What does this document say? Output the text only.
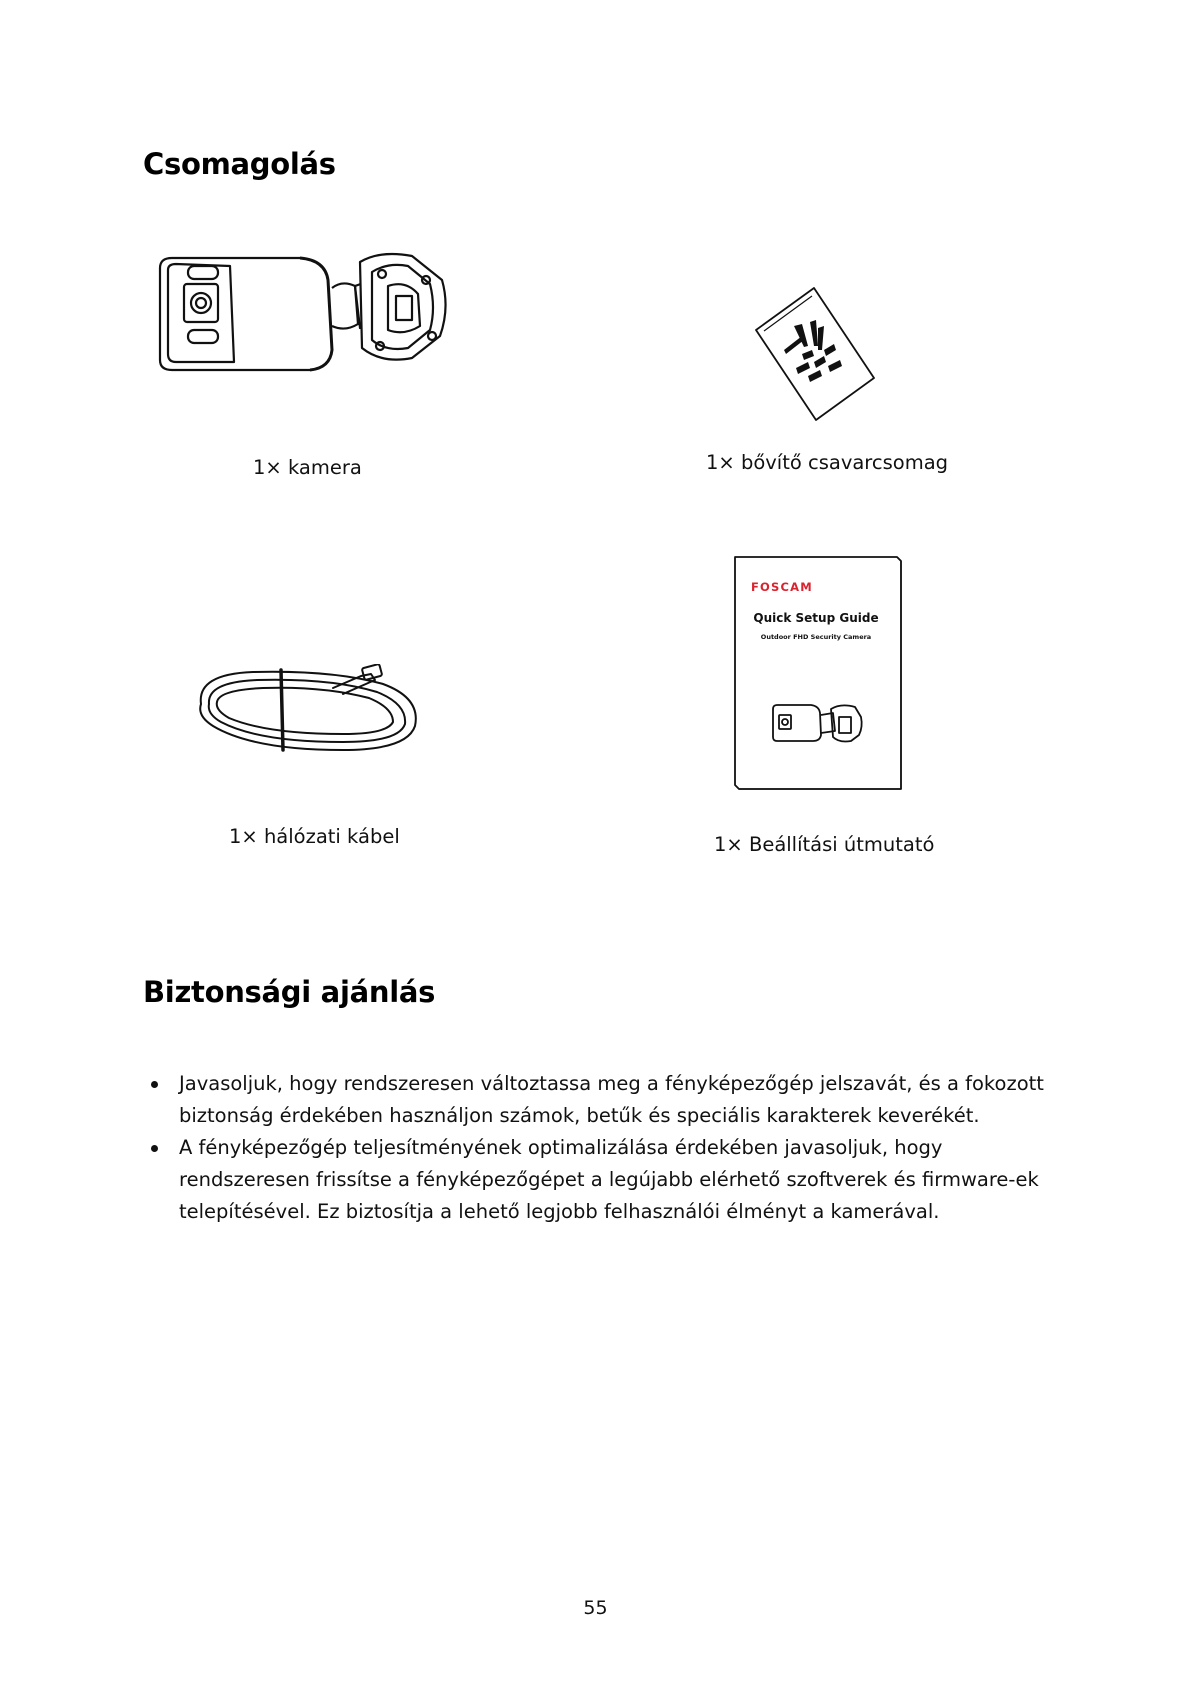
Csomagolás
1× kamera	1× bővítő csavarcsomag
1× hálózati kábel
FOSCAM
Quick Setup Guide
Outdoor FHD Security Camera
1× Beállítási útmutató
Biztonsági ajánlás
Javasoljuk, hogy rendszeresen változtassa meg a fényképezőgép jelszavát, és a fokozott biztonság érdekében használjon számok, betűk és speciális karakterek keverékét.
A fényképezőgép teljesítményének optimalizálása érdekében javasoljuk, hogy rendszeresen frissítse a fényképezőgépet a legújabb elérhető szoftverek és firmware-ek telepítésével. Ez biztosítja a lehető legjobb felhasználói élményt a kamerával.
55
